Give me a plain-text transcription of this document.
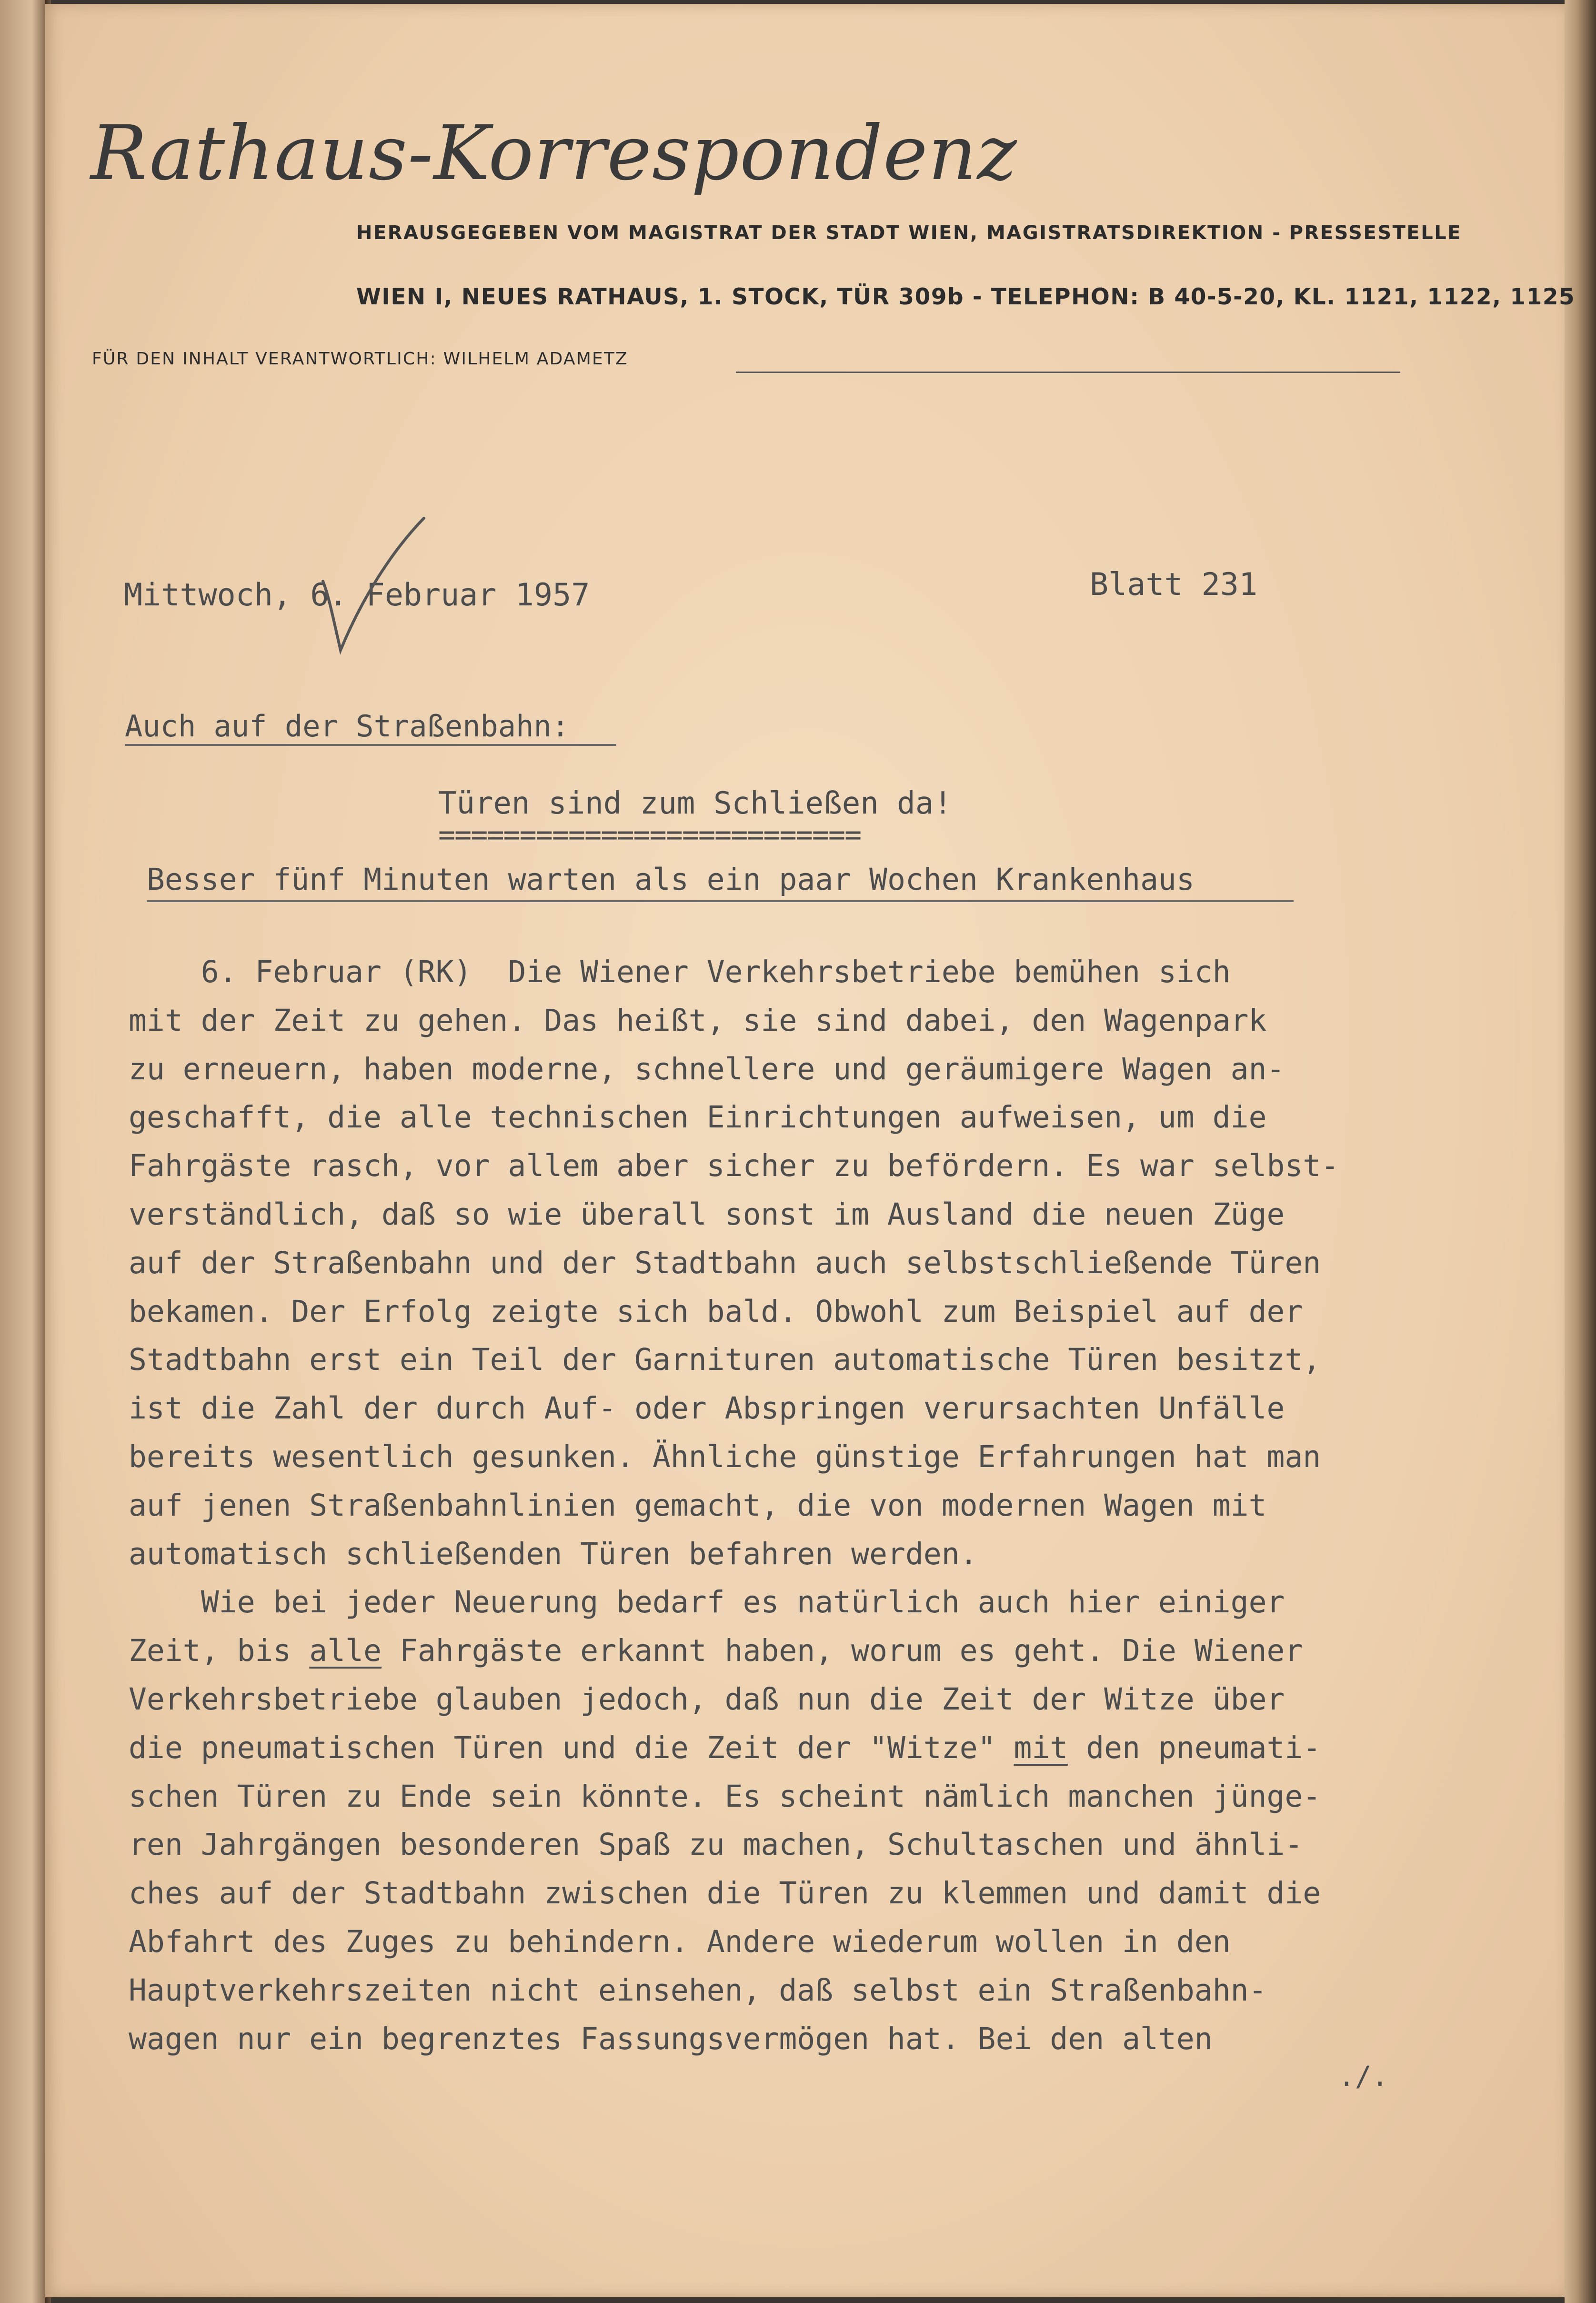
Rathaus-Korrespondenz
HERAUSGEGEBEN VOM MAGISTRAT DER STADT WIEN, MAGISTRATSDIREKTION - PRESSESTELLE
WIEN I, NEUES RATHAUS, 1. STOCK, TÜR 309b - TELEPHON: B 40-5-20, KL. 1121, 1122, 1125
FÜR DEN INHALT VERANTWORTLICH: WILHELM ADAMETZ
Mittwoch, 6. Februar 1957	Blatt 231
Auch auf der Straßenbahn:
Türen sind zum Schließen da!
==========================
Besser fünf Minuten warten als ein paar Wochen Krankenhaus
6. Februar (RK)  Die Wiener Verkehrsbetriebe bemühen sich
mit der Zeit zu gehen. Das heißt, sie sind dabei, den Wagenpark
zu erneuern, haben moderne, schnellere und geräumigere Wagen an-
geschafft, die alle technischen Einrichtungen aufweisen, um die
Fahrgäste rasch, vor allem aber sicher zu befördern. Es war selbst-
verständlich, daß so wie überall sonst im Ausland die neuen Züge
auf der Straßenbahn und der Stadtbahn auch selbstschließende Türen
bekamen. Der Erfolg zeigte sich bald. Obwohl zum Beispiel auf der
Stadtbahn erst ein Teil der Garnituren automatische Türen besitzt,
ist die Zahl der durch Auf- oder Abspringen verursachten Unfälle
bereits wesentlich gesunken. Ähnliche günstige Erfahrungen hat man
auf jenen Straßenbahnlinien gemacht, die von modernen Wagen mit
automatisch schließenden Türen befahren werden.
Wie bei jeder Neuerung bedarf es natürlich auch hier einiger
Zeit, bis alle Fahrgäste erkannt haben, worum es geht. Die Wiener
Verkehrsbetriebe glauben jedoch, daß nun die Zeit der Witze über
die pneumatischen Türen und die Zeit der "Witze" mit den pneumati-
schen Türen zu Ende sein könnte. Es scheint nämlich manchen jünge-
ren Jahrgängen besonderen Spaß zu machen, Schultaschen und ähnli-
ches auf der Stadtbahn zwischen die Türen zu klemmen und damit die
Abfahrt des Zuges zu behindern. Andere wiederum wollen in den
Hauptverkehrszeiten nicht einsehen, daß selbst ein Straßenbahn-
wagen nur ein begrenztes Fassungsvermögen hat. Bei den alten
./.
